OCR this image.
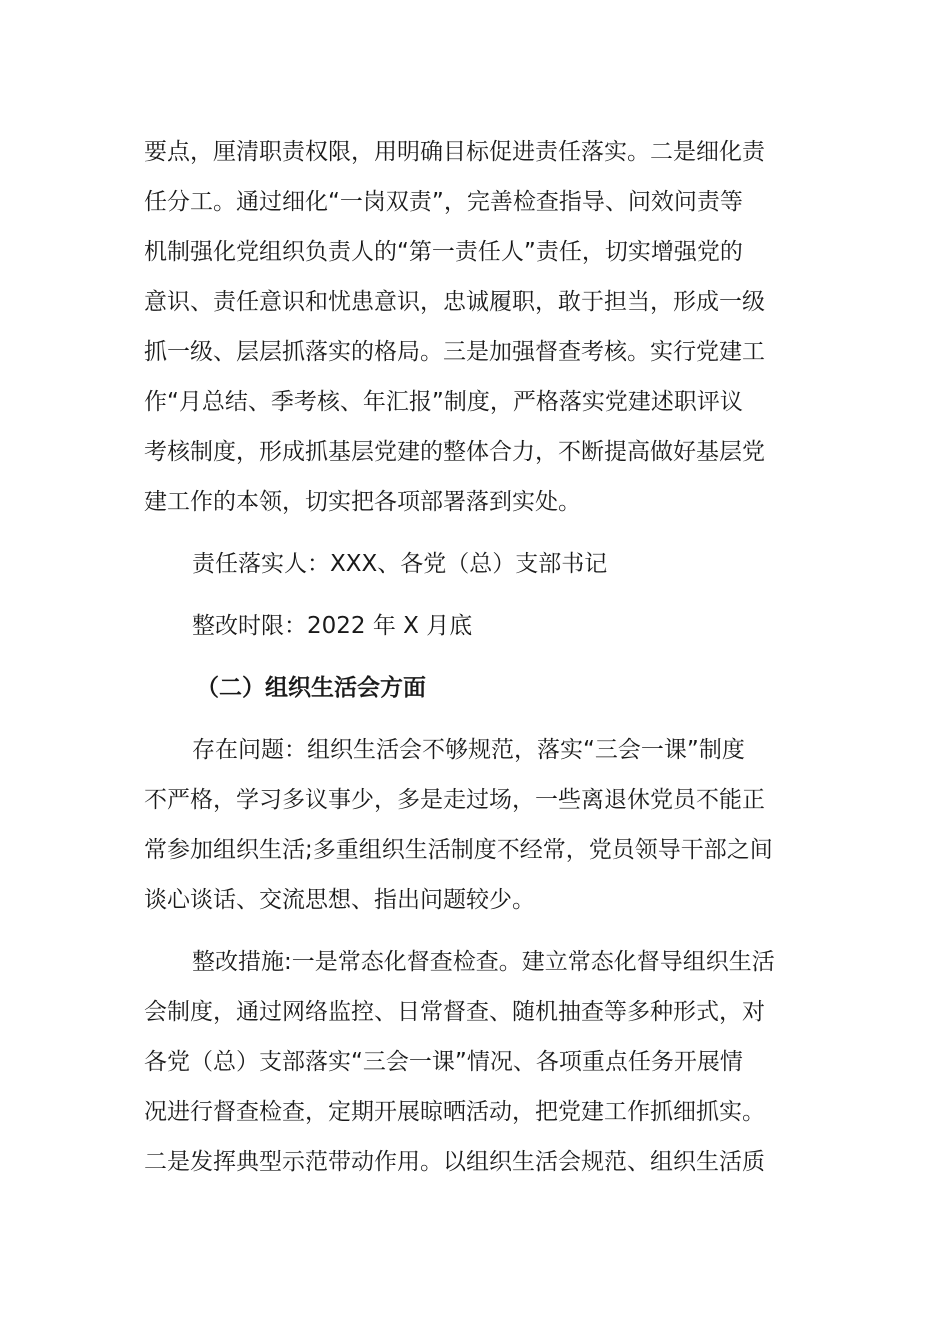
要点，厘清职责权限，用明确目标促进责任落实。二是细化责
任分工。通过细化“一岗双责”，完善检查指导、问效问责等
机制强化党组织负责人的“第一责任人”责任，切实增强党的
意识、责任意识和忧患意识，忠诚履职，敢于担当，形成一级
抓一级、层层抓落实的格局。三是加强督查考核。实行党建工
作“月总结、季考核、年汇报”制度，严格落实党建述职评议
考核制度，形成抓基层党建的整体合力，不断提高做好基层党
建工作的本领，切实把各项部署落到实处。
责任落实人：XXX、各党（总）支部书记
整改时限：2022 年 X 月底
（二）组织生活会方面
存在问题：组织生活会不够规范，落实“三会一课”制度
不严格，学习多议事少，多是走过场，一些离退休党员不能正
常参加组织生活;多重组织生活制度不经常，党员领导干部之间
谈心谈话、交流思想、指出问题较少。
整改措施:一是常态化督查检查。建立常态化督导组织生活
会制度，通过网络监控、日常督查、随机抽查等多种形式，对
各党（总）支部落实“三会一课”情况、各项重点任务开展情
况进行督查检查，定期开展晾晒活动，把党建工作抓细抓实。
二是发挥典型示范带动作用。以组织生活会规范、组织生活质
